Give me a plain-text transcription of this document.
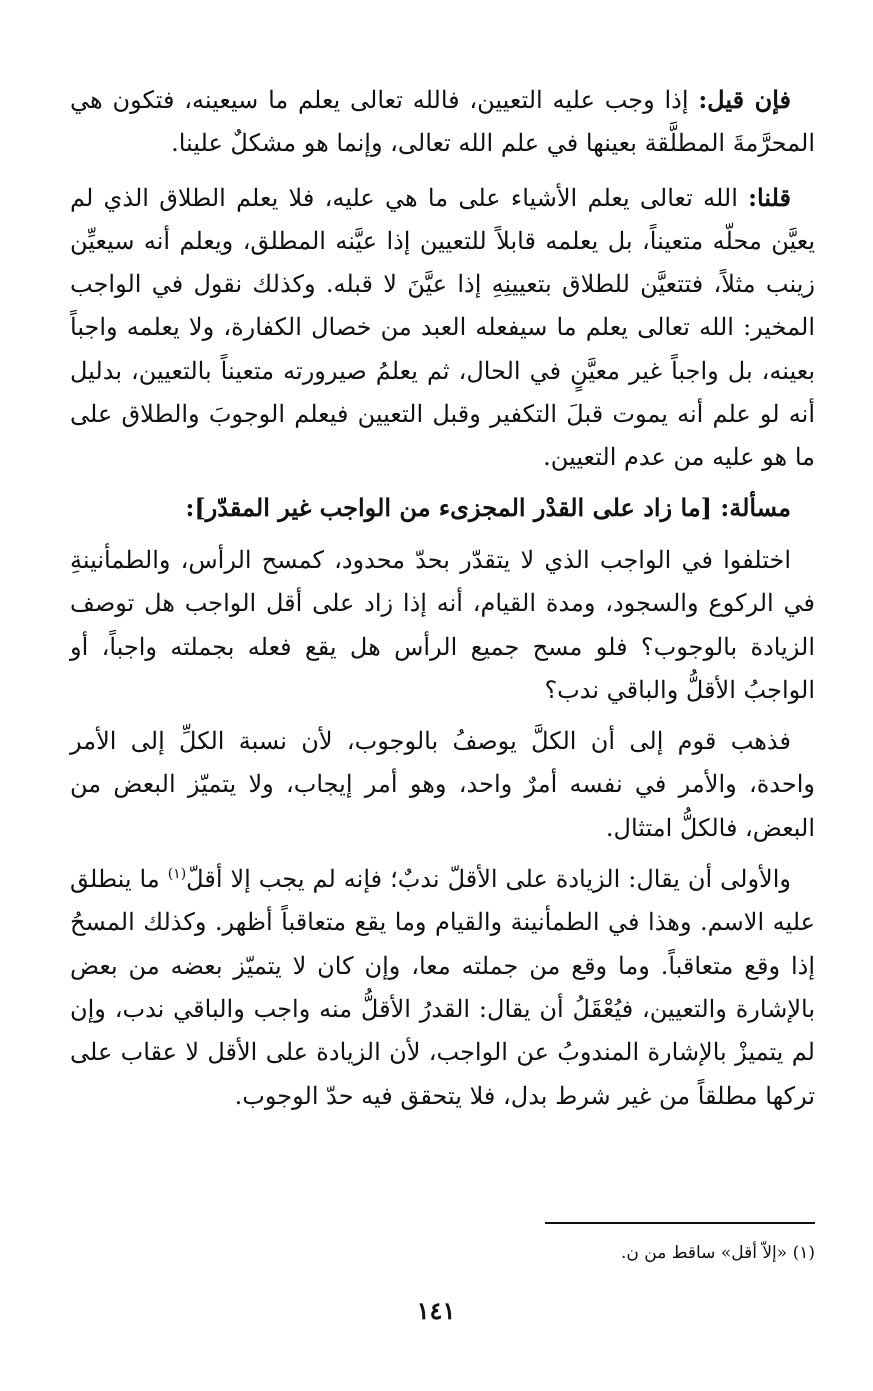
فإن قيل: إذا وجب عليه التعيين، فالله تعالى يعلم ما سيعينه، فتكون هي المحرَّمةَ المطلَّقة بعينها في علم الله تعالى، وإنما هو مشكلٌ علينا.

قلنا: الله تعالى يعلم الأشياء على ما هي عليه، فلا يعلم الطلاق الذي لم يعيَّن محلّه متعيناً، بل يعلمه قابلاً للتعيين إذا عيَّنه المطلق، ويعلم أنه سيعيِّن زينب مثلاً، فتتعيَّن للطلاق بتعيينِهِ إذا عيَّنَ لا قبله. وكذلك نقول في الواجب المخير: الله تعالى يعلم ما سيفعله العبد من خصال الكفارة، ولا يعلمه واجباً بعينه، بل واجباً غير معيَّنٍ في الحال، ثم يعلمُ صيرورته متعيناً بالتعيين، بدليل أنه لو علم أنه يموت قبلَ التكفير وقبل التعيين فيعلم الوجوبَ والطلاق على ما هو عليه من عدم التعيين.

مسألة: [ما زاد على القدْر المجزىء من الواجب غير المقدّر]:

اختلفوا في الواجب الذي لا يتقدّر بحدّ محدود، كمسح الرأس، والطمأنينةِ في الركوع والسجود، ومدة القيام، أنه إذا زاد على أقل الواجب هل توصف الزيادة بالوجوب؟ فلو مسح جميع الرأس هل يقع فعله بجملته واجباً، أو الواجبُ الأقلُّ والباقي ندب؟

فذهب قوم إلى أن الكلَّ يوصفُ بالوجوب، لأن نسبة الكلِّ إلى الأمر واحدة، والأمر في نفسه أمرٌ واحد، وهو أمر إيجاب، ولا يتميّز البعض من البعض، فالكلُّ امتثال.

والأولى أن يقال: الزيادة على الأقلّ ندبٌ؛ فإنه لم يجب إلا أقلّ$^{(١)}$ ما ينطلق عليه الاسم. وهذا في الطمأنينة والقيام وما يقع متعاقباً أظهر. وكذلك المسحُ إذا وقع متعاقباً. وما وقع من جملته معا، وإن كان لا يتميّز بعضه من بعض بالإشارة والتعيين، فيُعْقَلُ أن يقال: القدرُ الأقلُّ منه واجب والباقي ندب، وإن لم يتميزْ بالإشارة المندوبُ عن الواجب، لأن الزيادة على الأقل لا عقاب على تركها مطلقاً من غير شرط بدل، فلا يتحقق فيه حدّ الوجوب.

(١) «إلاّ أقل» ساقط من ن.
١٤١
